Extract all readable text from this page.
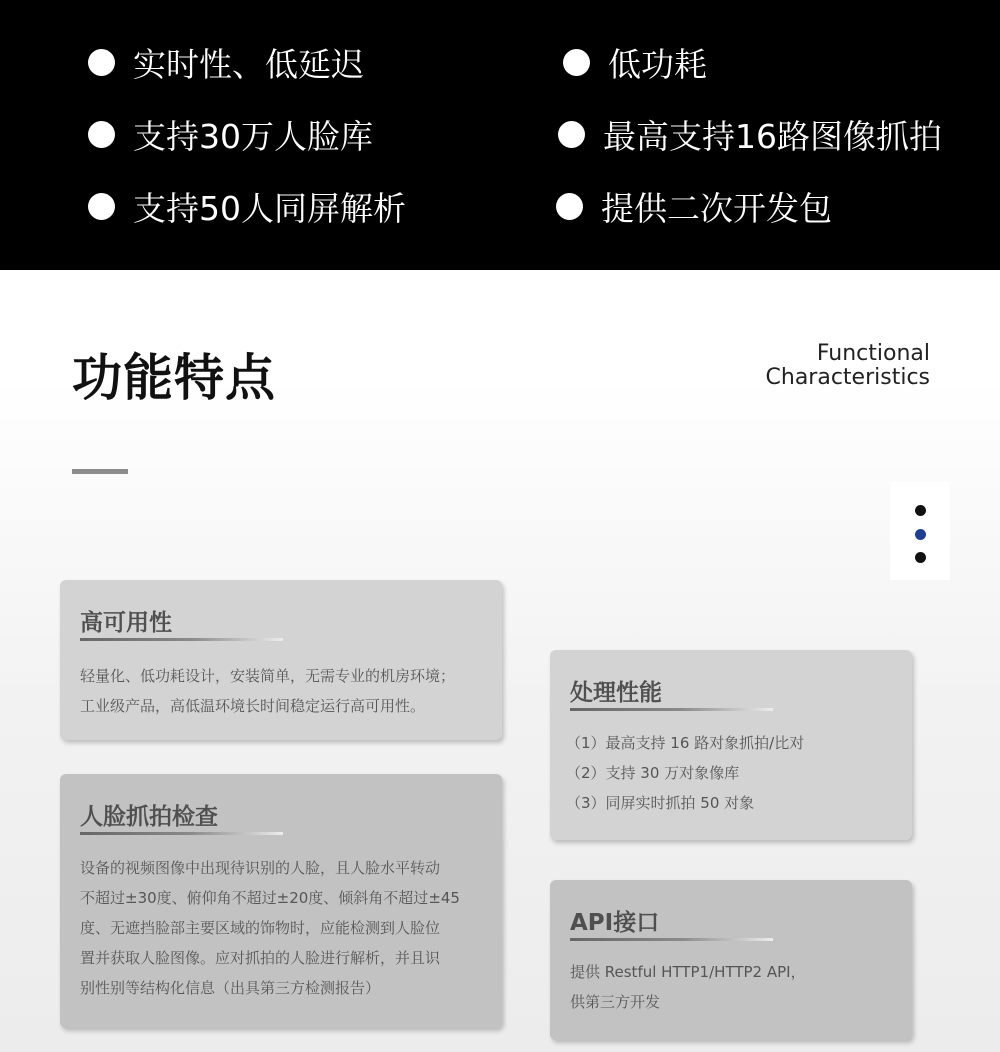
实时性、低延迟	低功耗
支持30万人脸库	最高支持16路图像抓拍
支持50人同屏解析	提供二次开发包
功能特点	Functional
Characteristics
高可用性
轻量化、低功耗设计，安装简单，无需专业的机房环境；
工业级产品，高低温环境长时间稳定运行高可用性。
人脸抓拍检查
设备的视频图像中出现待识别的人脸，且人脸水平转动
不超过±30度、俯仰角不超过±20度、倾斜角不超过±45
度、无遮挡脸部主要区域的饰物时，应能检测到人脸位
置并获取人脸图像。应对抓拍的人脸进行解析，并且识
别性别等结构化信息（出具第三方检测报告）
处理性能
（1）最高支持 16 路对象抓拍/比对
（2）支持 30 万对象像库
（3）同屏实时抓拍 50 对象
API接口
提供 Restful HTTP1/HTTP2 API，
供第三方开发
